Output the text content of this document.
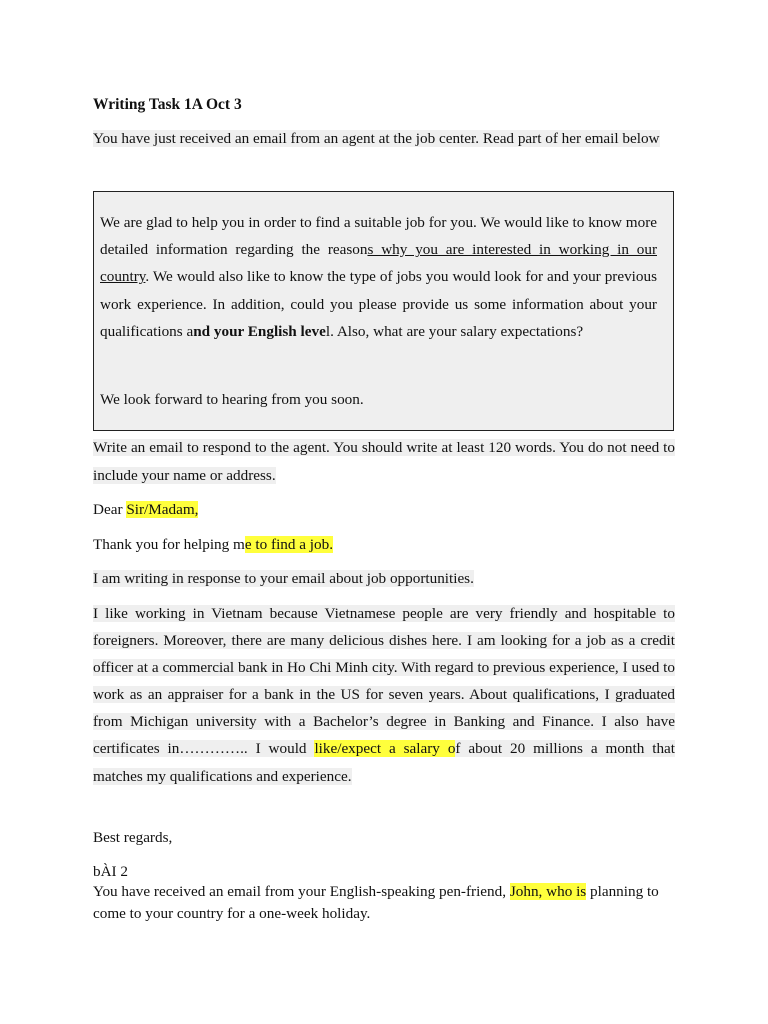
Writing Task 1A Oct 3
You have just received an email from an agent at the job center. Read part of her email below
We are glad to help you in order to find a suitable job for you. We would like to know more detailed information regarding the reasons why you are interested in working in our country. We would also like to know the type of jobs you would look for and your previous work experience. In addition, could you please provide us some information about your qualifications and your English level. Also, what are your salary expectations?
We look forward to hearing from you soon.
Write an email to respond to the agent. You should write at least 120 words. You do not need to include your name or address.
Dear Sir/Madam,
Thank you for helping me to find a job.
I am writing in response to your email about job opportunities.
I like working in Vietnam because Vietnamese people are very friendly and hospitable to foreigners. Moreover, there are many delicious dishes here. I am looking for a job as a credit officer at a commercial bank in Ho Chi Minh city. With regard to previous experience, I used to work as an appraiser for a bank in the US for seven years. About qualifications, I graduated from Michigan university with a Bachelor’s degree in Banking and Finance. I also have certificates in………….. I would like/expect a salary of about 20 millions a month that matches my qualifications and experience.
Best regards,
bÀI 2
You have received an email from your English-speaking pen-friend, John, who is planning to come to your country for a one-week holiday.
